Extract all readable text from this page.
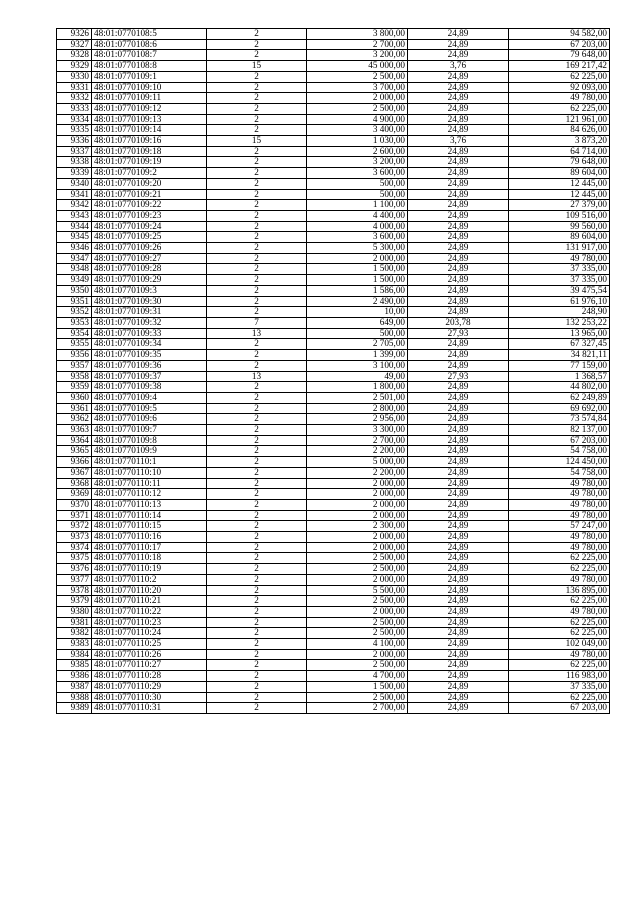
9326	48:01:0770108:5	2	3 800,00	24,89	94 582,00
9327	48:01:0770108:6	2	2 700,00	24,89	67 203,00
9328	48:01:0770108:7	2	3 200,00	24,89	79 648,00
9329	48:01:0770108:8	15	45 000,00	3,76	169 217,42
9330	48:01:0770109:1	2	2 500,00	24,89	62 225,00
9331	48:01:0770109:10	2	3 700,00	24,89	92 093,00
9332	48:01:0770109:11	2	2 000,00	24,89	49 780,00
9333	48:01:0770109:12	2	2 500,00	24,89	62 225,00
9334	48:01:0770109:13	2	4 900,00	24,89	121 961,00
9335	48:01:0770109:14	2	3 400,00	24,89	84 626,00
9336	48:01:0770109:16	15	1 030,00	3,76	3 873,20
9337	48:01:0770109:18	2	2 600,00	24,89	64 714,00
9338	48:01:0770109:19	2	3 200,00	24,89	79 648,00
9339	48:01:0770109:2	2	3 600,00	24,89	89 604,00
9340	48:01:0770109:20	2	500,00	24,89	12 445,00
9341	48:01:0770109:21	2	500,00	24,89	12 445,00
9342	48:01:0770109:22	2	1 100,00	24,89	27 379,00
9343	48:01:0770109:23	2	4 400,00	24,89	109 516,00
9344	48:01:0770109:24	2	4 000,00	24,89	99 560,00
9345	48:01:0770109:25	2	3 600,00	24,89	89 604,00
9346	48:01:0770109:26	2	5 300,00	24,89	131 917,00
9347	48:01:0770109:27	2	2 000,00	24,89	49 780,00
9348	48:01:0770109:28	2	1 500,00	24,89	37 335,00
9349	48:01:0770109:29	2	1 500,00	24,89	37 335,00
9350	48:01:0770109:3	2	1 586,00	24,89	39 475,54
9351	48:01:0770109:30	2	2 490,00	24,89	61 976,10
9352	48:01:0770109:31	2	10,00	24,89	248,90
9353	48:01:0770109:32	7	649,00	203,78	132 253,22
9354	48:01:0770109:33	13	500,00	27,93	13 965,00
9355	48:01:0770109:34	2	2 705,00	24,89	67 327,45
9356	48:01:0770109:35	2	1 399,00	24,89	34 821,11
9357	48:01:0770109:36	2	3 100,00	24,89	77 159,00
9358	48:01:0770109:37	13	49,00	27,93	1 368,57
9359	48:01:0770109:38	2	1 800,00	24,89	44 802,00
9360	48:01:0770109:4	2	2 501,00	24,89	62 249,89
9361	48:01:0770109:5	2	2 800,00	24,89	69 692,00
9362	48:01:0770109:6	2	2 956,00	24,89	73 574,84
9363	48:01:0770109:7	2	3 300,00	24,89	82 137,00
9364	48:01:0770109:8	2	2 700,00	24,89	67 203,00
9365	48:01:0770109:9	2	2 200,00	24,89	54 758,00
9366	48:01:0770110:1	2	5 000,00	24,89	124 450,00
9367	48:01:0770110:10	2	2 200,00	24,89	54 758,00
9368	48:01:0770110:11	2	2 000,00	24,89	49 780,00
9369	48:01:0770110:12	2	2 000,00	24,89	49 780,00
9370	48:01:0770110:13	2	2 000,00	24,89	49 780,00
9371	48:01:0770110:14	2	2 000,00	24,89	49 780,00
9372	48:01:0770110:15	2	2 300,00	24,89	57 247,00
9373	48:01:0770110:16	2	2 000,00	24,89	49 780,00
9374	48:01:0770110:17	2	2 000,00	24,89	49 780,00
9375	48:01:0770110:18	2	2 500,00	24,89	62 225,00
9376	48:01:0770110:19	2	2 500,00	24,89	62 225,00
9377	48:01:0770110:2	2	2 000,00	24,89	49 780,00
9378	48:01:0770110:20	2	5 500,00	24,89	136 895,00
9379	48:01:0770110:21	2	2 500,00	24,89	62 225,00
9380	48:01:0770110:22	2	2 000,00	24,89	49 780,00
9381	48:01:0770110:23	2	2 500,00	24,89	62 225,00
9382	48:01:0770110:24	2	2 500,00	24,89	62 225,00
9383	48:01:0770110:25	2	4 100,00	24,89	102 049,00
9384	48:01:0770110:26	2	2 000,00	24,89	49 780,00
9385	48:01:0770110:27	2	2 500,00	24,89	62 225,00
9386	48:01:0770110:28	2	4 700,00	24,89	116 983,00
9387	48:01:0770110:29	2	1 500,00	24,89	37 335,00
9388	48:01:0770110:30	2	2 500,00	24,89	62 225,00
9389	48:01:0770110:31	2	2 700,00	24,89	67 203,00
